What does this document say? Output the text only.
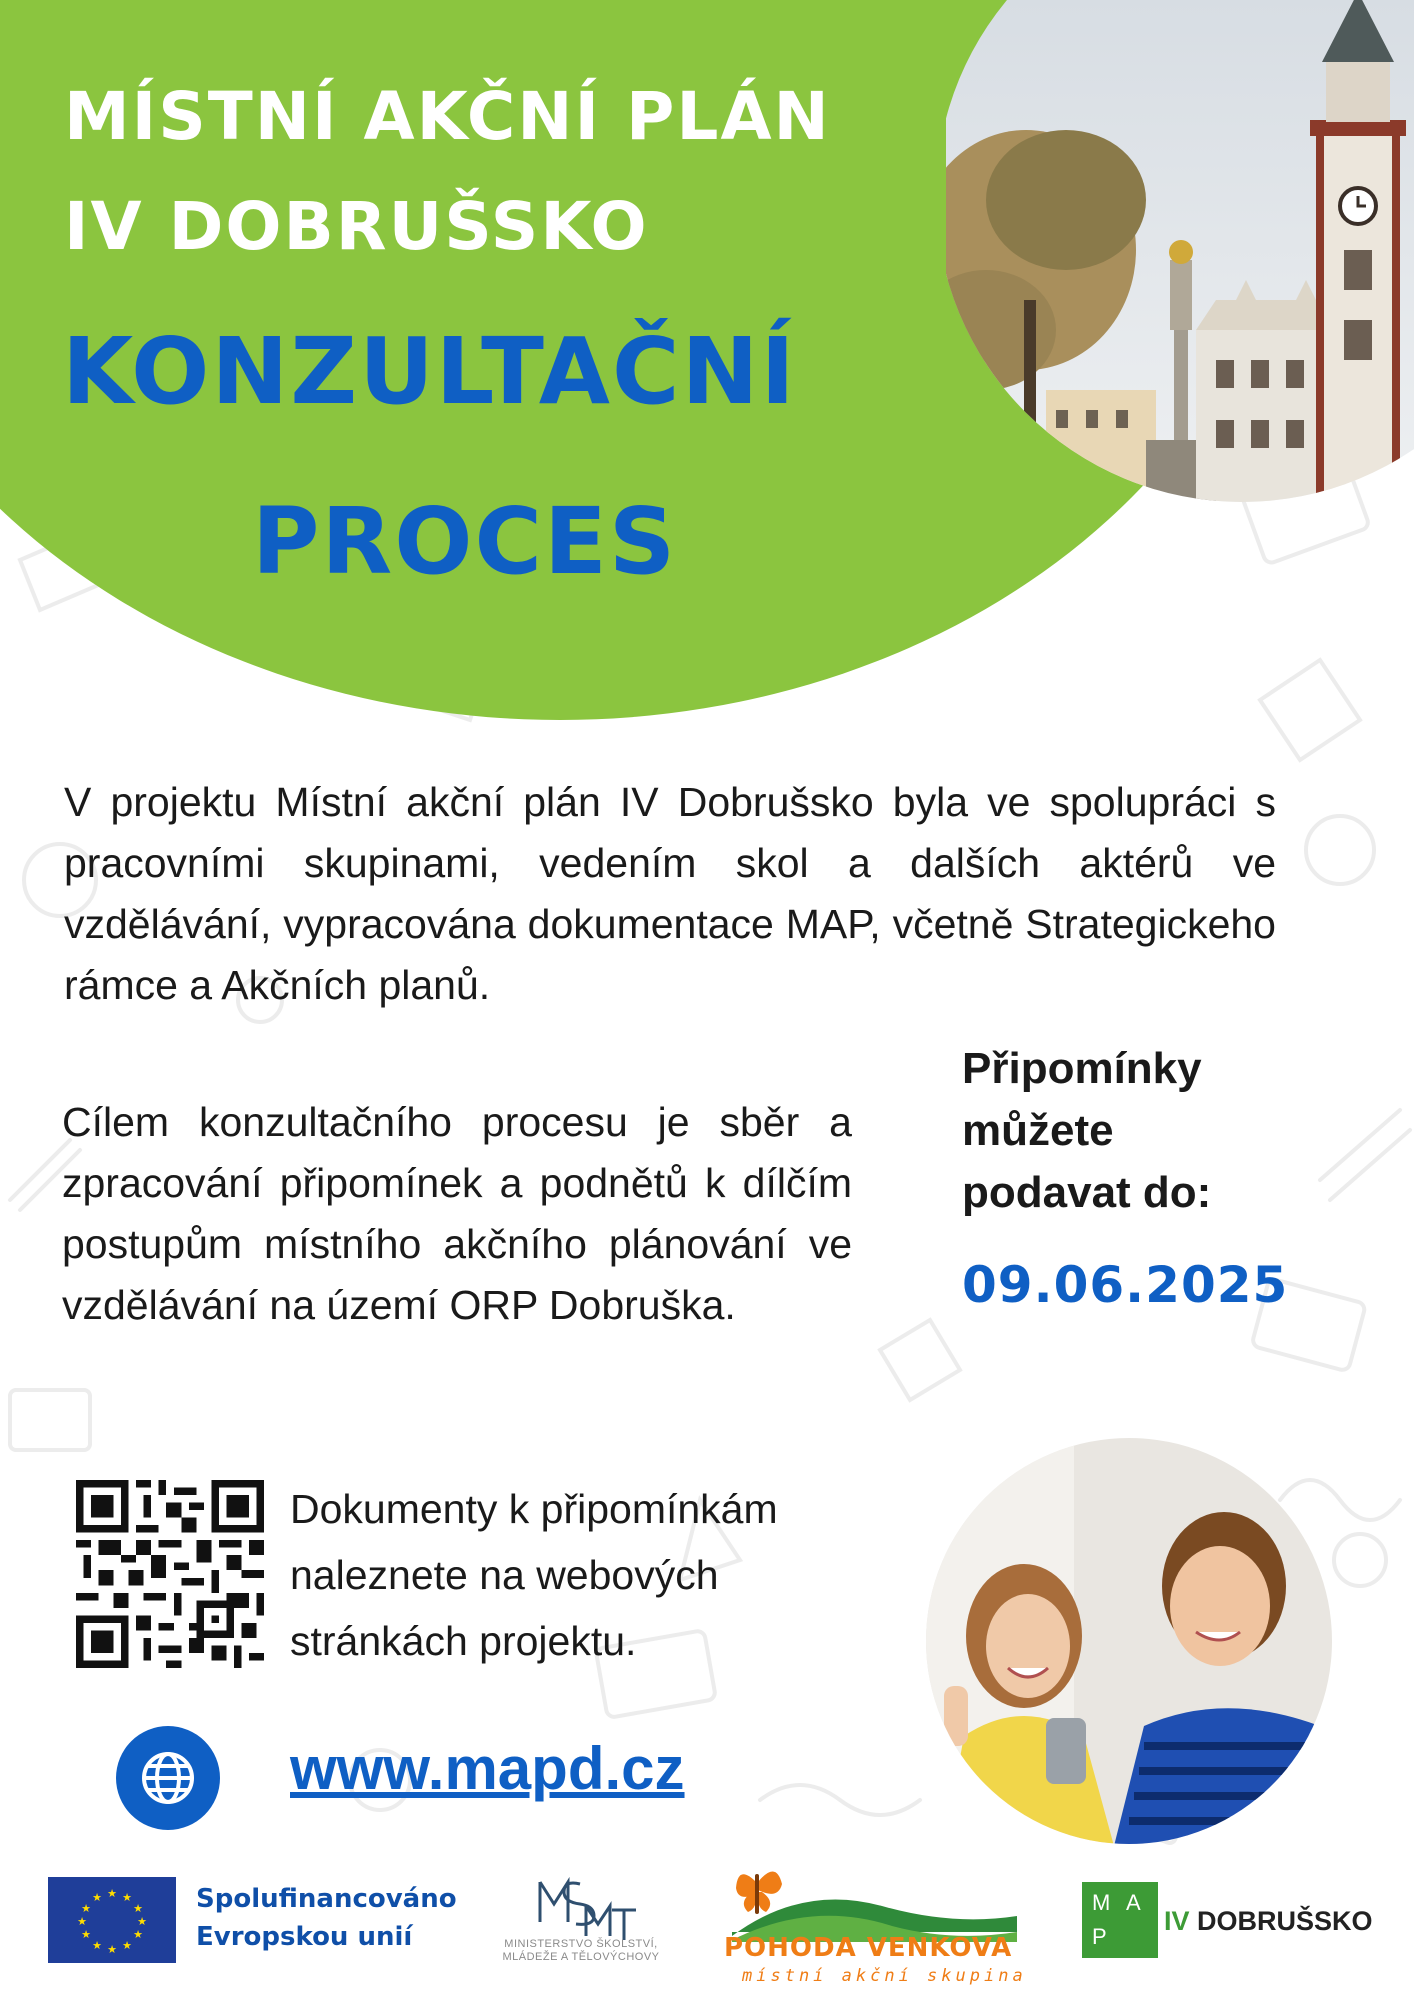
MÍSTNÍ AKČNÍ PLÁN
IV DOBRUŠSKO
KONZULTAČNÍ
PROCES

V projektu Místní akční plán IV Dobrušsko byla ve spolupráci s pracovními skupinami, vedením skol a dalších aktérů ve vzdělávání, vypracována dokumentace MAP, včetně Strategickeho rámce a Akčních planů.

Cílem konzultačního procesu je sběr a zpracování připomínek a podnětů k dílčím postupům místního akčního plánování ve vzdělávání na území ORP Dobruška.

Připomínky můžete podavat do:

09.06.2025

Dokumenty k připomínkám naleznete na webových stránkách projektu.

www.mapd.cz
★ ★
★
★
★
★
★
★
★
★
★
★	Spolufinancováno
Evropskou unií	MINISTERSTVO ŠKOLSTVÍ, MLÁDEŽE A TĚLOVÝCHOVY	POHODA VENKOVA

místní akční skupina

M A
P

IV DOBRUŠSKO
